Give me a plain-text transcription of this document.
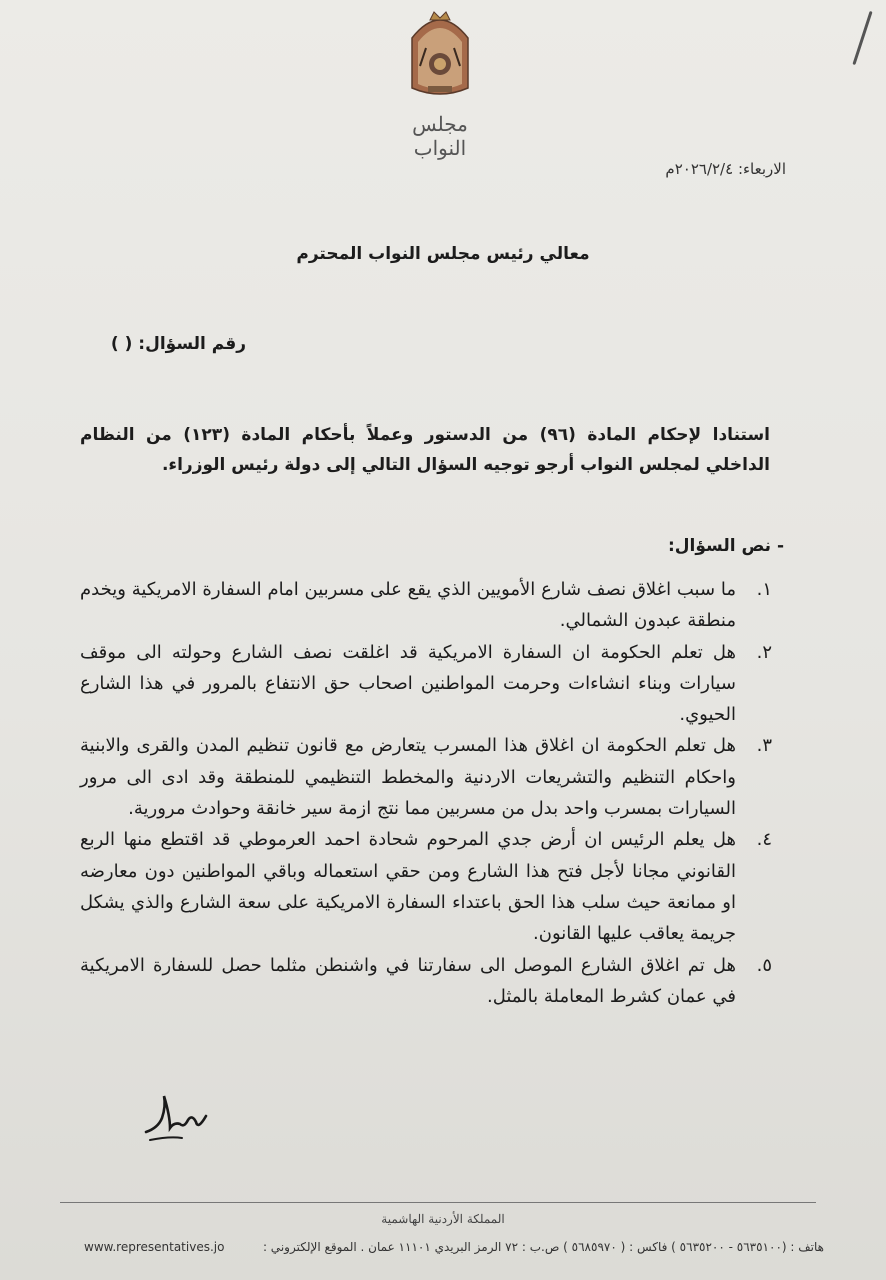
مجلس النواب
الاربعاء: ٢٠٢٦/٢/٤م
معالي رئيس مجلس النواب المحترم
رقم السؤال: ( )
استنادا لإحكام المادة (٩٦) من الدستور وعملاً بأحكام المادة (١٢٣) من النظام الداخلي لمجلس النواب أرجو توجيه السؤال التالي إلى دولة رئيس الوزراء.
- نص السؤال:
١.
ما سبب اغلاق نصف شارع الأمويين الذي يقع على مسربين امام السفارة الامريكية ويخدم منطقة عبدون الشمالي.
٢.
هل تعلم الحكومة ان السفارة الامريكية قد اغلقت نصف الشارع وحولته الى موقف سيارات وبناء انشاءات وحرمت المواطنين اصحاب حق الانتفاع بالمرور في هذا الشارع الحيوي.
٣.
هل تعلم الحكومة ان اغلاق هذا المسرب يتعارض مع قانون تنظيم المدن والقرى والابنية واحكام التنظيم والتشريعات الاردنية والمخطط التنظيمي للمنطقة وقد ادى الى مرور السيارات بمسرب واحد بدل من مسربين مما نتج ازمة سير خانقة وحوادث مرورية.
٤.
هل يعلم الرئيس ان أرض جدي المرحوم شحادة احمد العرموطي قد اقتطع منها الربع القانوني مجانا لأجل فتح هذا الشارع ومن حقي استعماله وباقي المواطنين دون معارضه او ممانعة حيث سلب هذا الحق باعتداء السفارة الامريكية على سعة الشارع والذي يشكل جريمة يعاقب عليها القانون.
٥.
هل تم اغلاق الشارع الموصل الى سفارتنا في واشنطن مثلما حصل للسفارة الامريكية في عمان كشرط المعاملة بالمثل.
المملكة الأردنية الهاشمية
هاتف : (٥٦٣٥١٠٠ - ٥٦٣٥٢٠٠ ) فاكس : ( ٥٦٨٥٩٧٠ ) ص.ب : ٧٢ الرمز البريدي ١١١٠١ عمان . الموقع الإلكتروني :
www.representatives.jo
